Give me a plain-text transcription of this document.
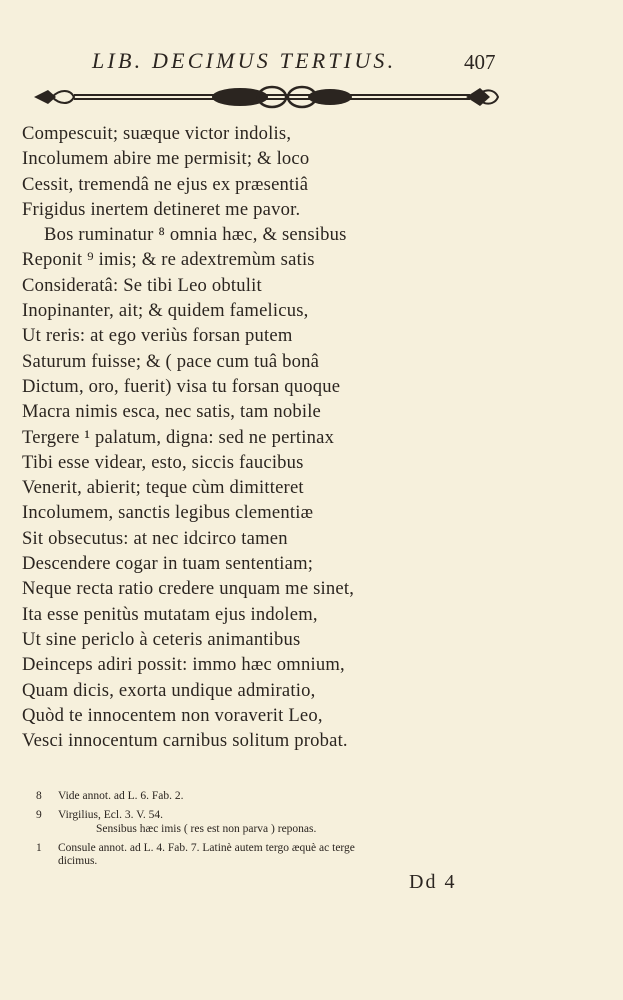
LIB. DECIMUS TERTIUS.	407
Compescuit; suæque victor indolis,
Incolumem abire me permisit; & loco
Cessit, tremendâ ne ejus ex præsentiâ
Frigidus inertem detineret me pavor.
Bos ruminatur ⁸ omnia hæc, & sensibus
Reponit ⁹ imis; & re adextremùm satis
Consideratâ: Se tibi Leo obtulit
Inopinanter, ait; & quidem famelicus,
Ut reris: at ego veriùs forsan putem
Saturum fuisse; & ( pace cum tuâ bonâ
Dictum, oro, fuerit) visa tu forsan quoque
Macra nimis esca, nec satis, tam nobile
Tergere ¹ palatum, digna: sed ne pertinax
Tibi esse videar, esto, siccis faucibus
Venerit, abierit; teque cùm dimitteret
Incolumem, sanctis legibus clementiæ
Sit obsecutus: at nec idcirco tamen
Descendere cogar in tuam sententiam;
Neque recta ratio credere unquam me sinet,
Ita esse penitùs mutatam ejus indolem,
Ut sine periclo à ceteris animantibus
Deinceps adiri possit: immo hæc omnium,
Quam dicis, exorta undique admiratio,
Quòd te innocentem non voraverit Leo,
Vesci innocentum carnibus solitum probat.
8 Vide annot. ad L. 6. Fab. 2.
9 Virgilius, Ecl. 3. V. 54.
Sensibus hæc imis ( res est non parva ) reponas.
1 Consule annot. ad L. 4. Fab. 7. Latinè autem tergo æquè ac terge
dicimus.
Dd 4
